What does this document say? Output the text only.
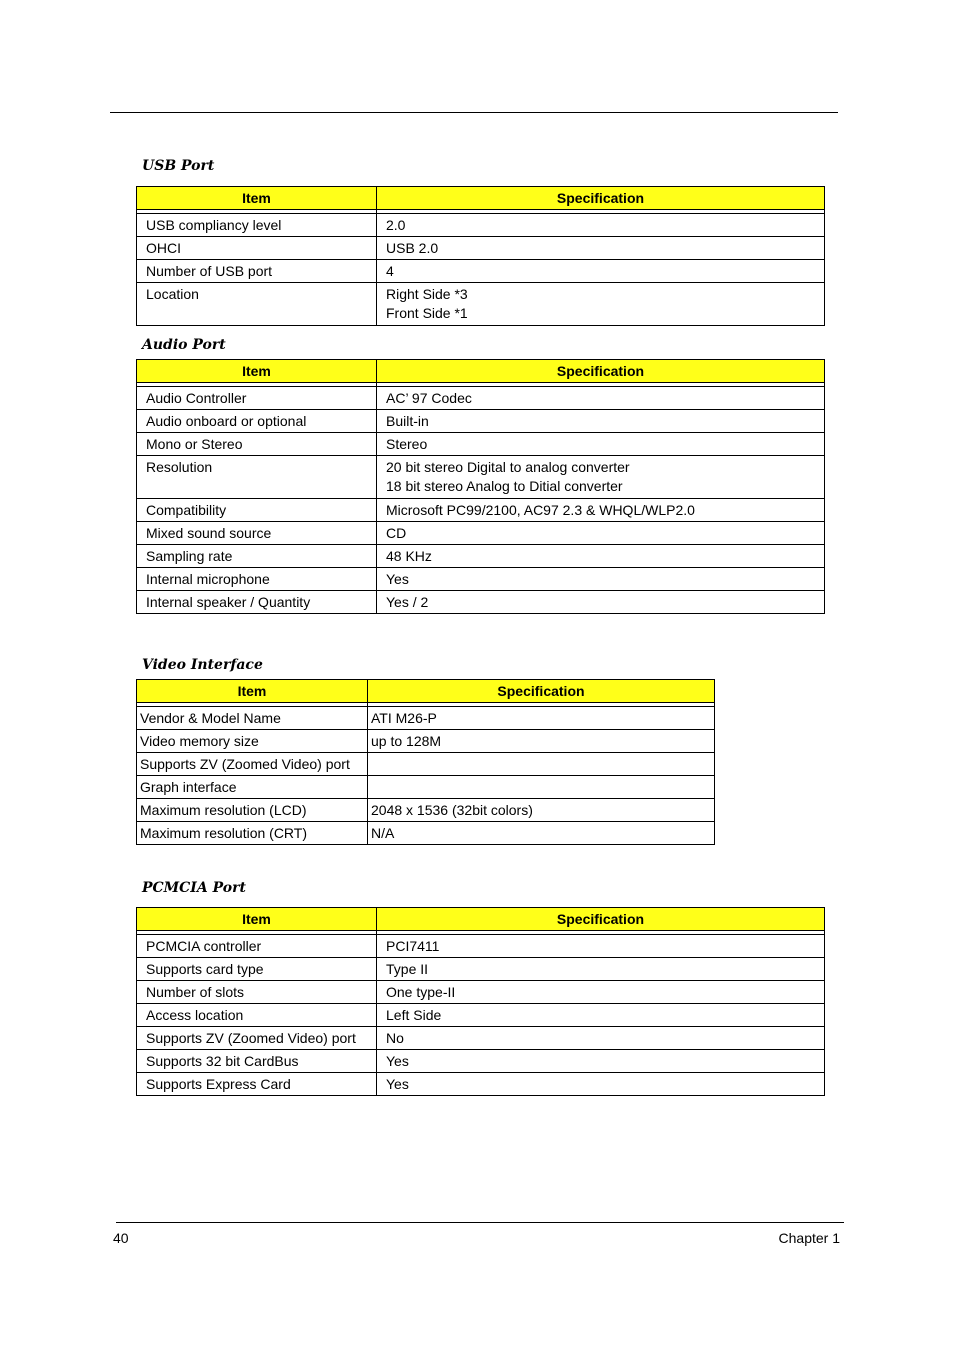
USB Port
Item	Specification

USB compliancy level	2.0
OHCI	USB 2.0
Number of USB port	4
Location	Right Side *3
Front Side *1
Audio Port
Item	Specification

Audio Controller	AC’ 97 Codec
Audio onboard or optional	Built-in
Mono or Stereo	Stereo
Resolution	20 bit stereo Digital to analog converter
18 bit stereo Analog to Ditial converter

Compatibility	Microsoft PC99/2100, AC97 2.3 & WHQL/WLP2.0
Mixed sound source	CD
Sampling rate	48 KHz
Internal microphone	Yes
Internal speaker / Quantity	Yes / 2
Video Interface
Item	Specification

Vendor & Model Name	ATI M26-P
Video memory size	up to 128M
Supports ZV (Zoomed Video) port	
Graph interface	
Maximum resolution (LCD)	2048 x 1536 (32bit colors)
Maximum resolution (CRT)	N/A
PCMCIA Port
Item	Specification

PCMCIA controller	PCI7411
Supports card type	Type II
Number of slots	One type-II
Access location	Left Side
Supports ZV (Zoomed Video) port	No
Supports 32 bit CardBus	Yes
Supports Express Card	Yes
40	Chapter 1
